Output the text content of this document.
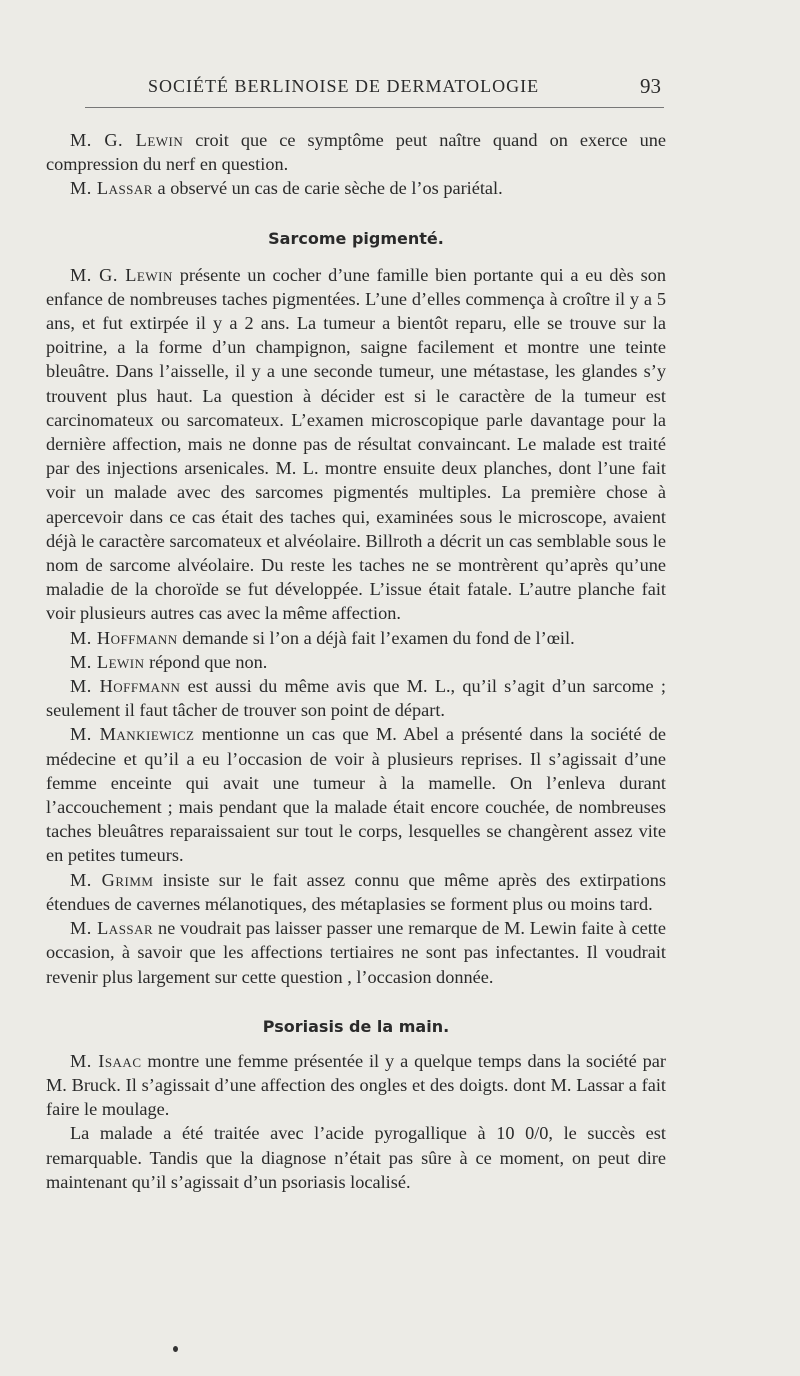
SOCIÉTÉ BERLINOISE DE DERMATOLOGIE	93

M. G. Lewin croit que ce symptôme peut naître quand on exerce une compression du nerf en question.

M. Lassar a observé un cas de carie sèche de l’os pariétal.

Sarcome pigmenté.

M. G. Lewin présente un cocher d’une famille bien portante qui a eu dès son enfance de nombreuses taches pigmentées. L’une d’elles commença à croître il y a 5 ans, et fut extirpée il y a 2 ans. La tumeur a bientôt reparu, elle se trouve sur la poitrine, a la forme d’un champignon, saigne facilement et montre une teinte bleuâtre. Dans l’aisselle, il y a une seconde tumeur, une métastase, les glandes s’y trouvent plus haut. La question à décider est si le caractère de la tumeur est carcinomateux ou sarcomateux. L’examen microscopique parle davantage pour la dernière affection, mais ne donne pas de résultat convaincant. Le malade est traité par des injections arsenicales. M. L. montre ensuite deux planches, dont l’une fait voir un malade avec des sarcomes pigmentés multiples. La première chose à apercevoir dans ce cas était des taches qui, examinées sous le microscope, avaient déjà le caractère sarcomateux et alvéolaire. Billroth a décrit un cas semblable sous le nom de sarcome alvéolaire. Du reste les taches ne se montrèrent qu’après qu’une maladie de la choroïde se fut développée. L’issue était fatale. L’autre planche fait voir plusieurs autres cas avec la même affection.

M. Hoffmann demande si l’on a déjà fait l’examen du fond de l’œil.

M. Lewin répond que non.

M. Hoffmann est aussi du même avis que M. L., qu’il s’agit d’un sarcome ; seulement il faut tâcher de trouver son point de départ.

M. Mankiewicz mentionne un cas que M. Abel a présenté dans la société de médecine et qu’il a eu l’occasion de voir à plusieurs reprises. Il s’agissait d’une femme enceinte qui avait une tumeur à la mamelle. On l’enleva durant l’accouchement ; mais pendant que la malade était encore couchée, de nombreuses taches bleuâtres reparaissaient sur tout le corps, lesquelles se changèrent assez vite en petites tumeurs.

M. Grimm insiste sur le fait assez connu que même après des extirpations étendues de cavernes mélanotiques, des métaplasies se forment plus ou moins tard.

M. Lassar ne voudrait pas laisser passer une remarque de M. Lewin faite à cette occasion, à savoir que les affections tertiaires ne sont pas infectantes. Il voudrait revenir plus largement sur cette question , l’occasion donnée.

Psoriasis de la main.

M. Isaac montre une femme présentée il y a quelque temps dans la société par M. Bruck. Il s’agissait d’une affection des ongles et des doigts. dont M. Lassar a fait faire le moulage.

La malade a été traitée avec l’acide pyrogallique à 10 0/0, le succès est remarquable. Tandis que la diagnose n’était pas sûre à ce moment, on peut dire maintenant qu’il s’agissait d’un psoriasis localisé.
